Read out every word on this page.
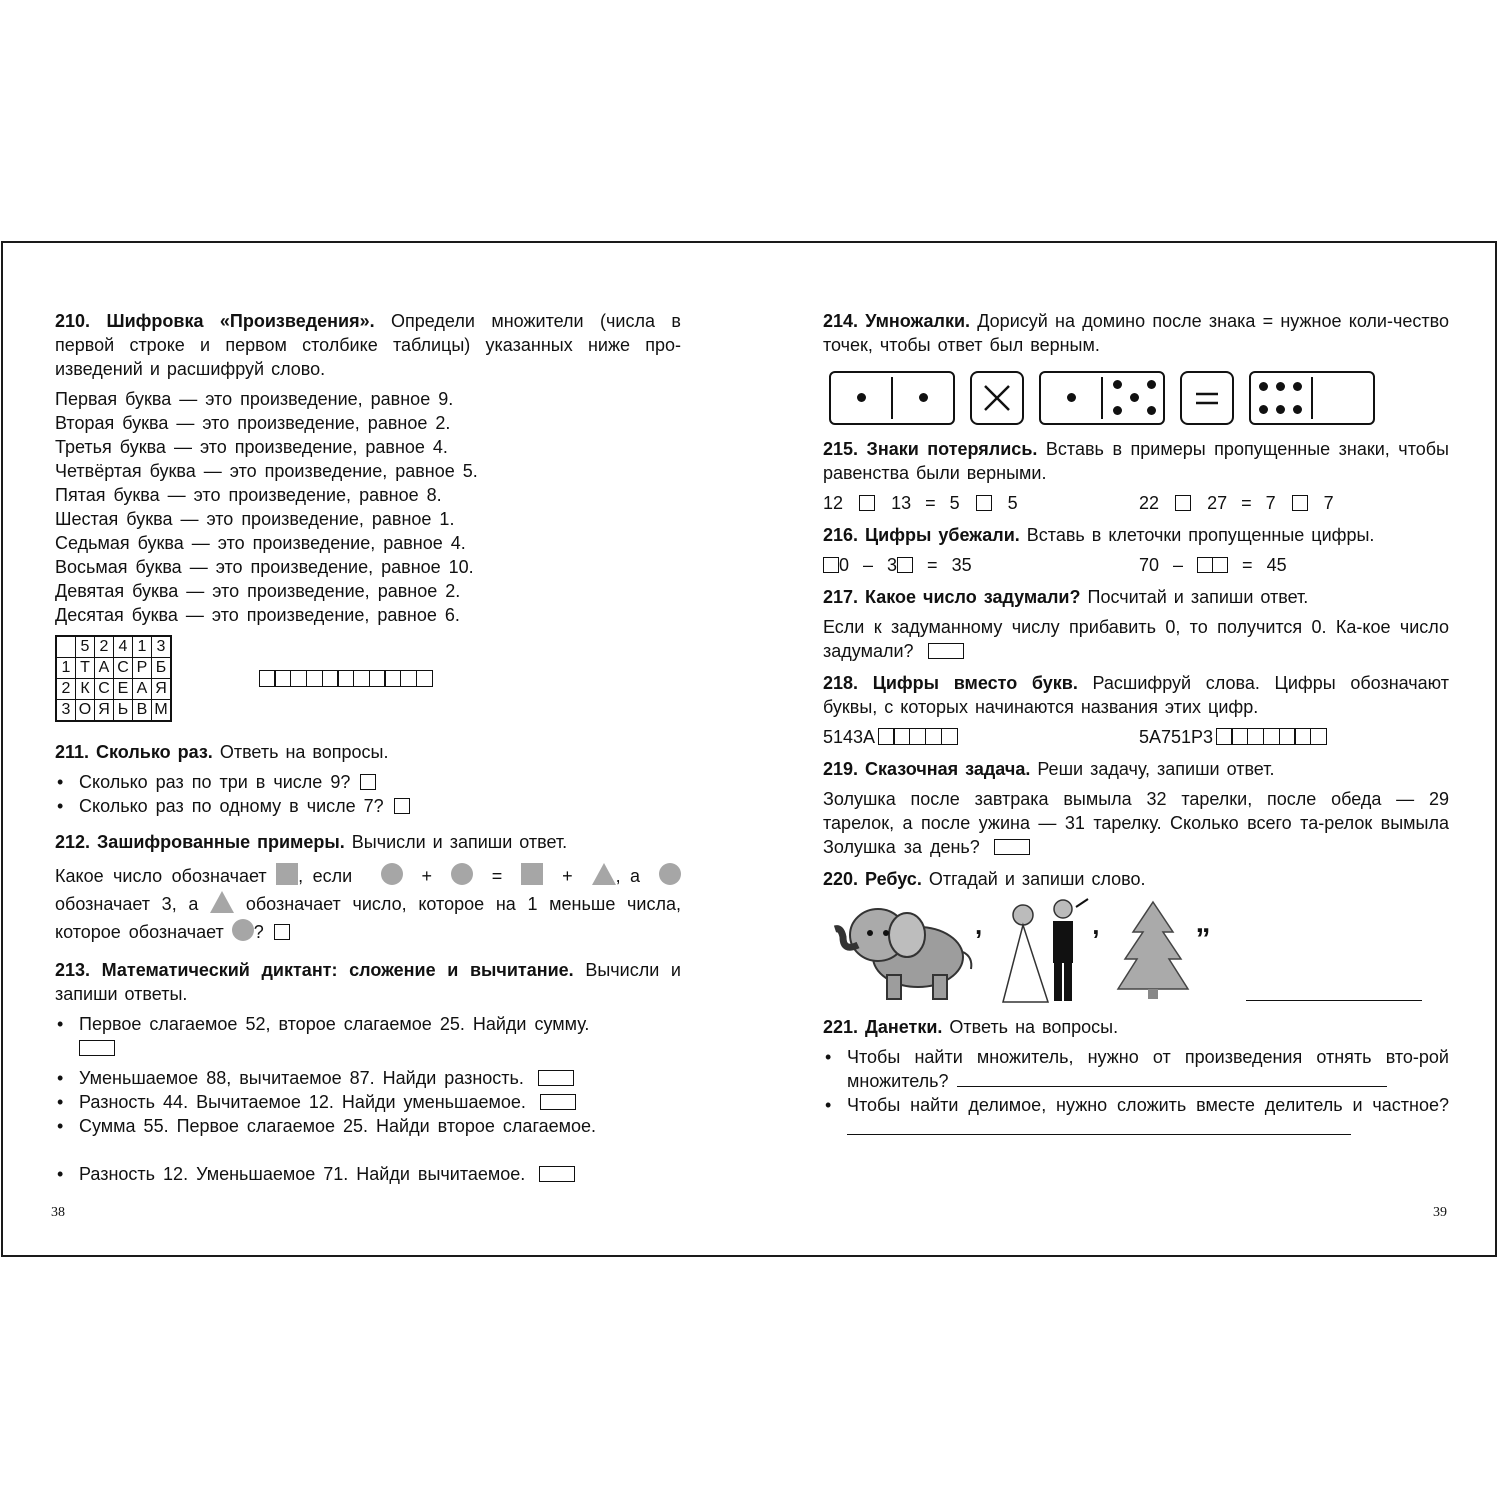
210. Шифровка «Произведения». Определи множители (числа в первой строке и первом столбике таблицы) указанных ниже про-изведений и расшифруй слово.
Первая буква — это произведение, равное 9.
Вторая буква — это произведение, равное 2.
Третья буква — это произведение, равное 4.
Четвёртая буква — это произведение, равное 5.
Пятая буква — это произведение, равное 8.
Шестая буква — это произведение, равное 1.
Седьмая буква — это произведение, равное 4.
Восьмая буква — это произведение, равное 10.
Девятая буква — это произведение, равное 2.
Десятая буква — это произведение, равное 6.
	5	2	4	1	3
1	Т	А	С	Р	Б
2	К	С	Е	А	Я
3	О	Я	Ь	В	М
211. Сколько раз. Ответь на вопросы.
• Сколько раз по три в числе 9?
• Сколько раз по одному в числе 7?
212. Зашифрованные примеры. Вычисли и запиши ответ.
Какое число обозначает , если	+	=	+ , а   обозначает 3, а	обозначает число, которое на 1 меньше числа, которое обозначает ?
213. Математический диктант: сложение и вычитание. Вычисли и запиши ответы.
• Первое слагаемое 52, второе слагаемое 25. Найди сумму.

• Уменьшаемое 88, вычитаемое 87. Найди разность.
• Разность 44. Вычитаемое 12. Найди уменьшаемое.
• Сумма 55. Первое слагаемое 25. Найди второе слагаемое.

• Разность 12. Уменьшаемое 71. Найди вычитаемое.
38
214. Умножалки. Дорисуй на домино после знака = нужное коли-чество точек, чтобы ответ был верным.
215. Знаки потерялись. Вставь в примеры пропущенные знаки, чтобы равенства были верными.
12	13  =  5	5	22	27  =  7	7
216. Цифры убежали. Вставь в клеточки пропущенные цифры.
0  –  3  =  35	70  –    =  45
217. Какое число задумали? Посчитай и запиши ответ.
Если к задуманному числу прибавить 0, то получится 0. Ка-кое число задумали?
218. Цифры вместо букв. Расшифруй слова. Цифры обозначают буквы, с которых начинаются названия этих цифр.
5143А	5А751Р3
219. Сказочная задача. Реши задачу, запиши ответ.
Золушка после завтрака вымыла 32 тарелки, после обеда — 29 тарелок, а после ужина — 31 тарелку. Сколько всего та-релок вымыла Золушка за день?
220. Ребус. Отгадай и запиши слово.
,	,	„
221. Данетки. Ответь на вопросы.
• Чтобы найти множитель, нужно от произведения отнять вто-рой множитель?
• Чтобы найти делимое, нужно сложить вместе делитель и частное?
39
